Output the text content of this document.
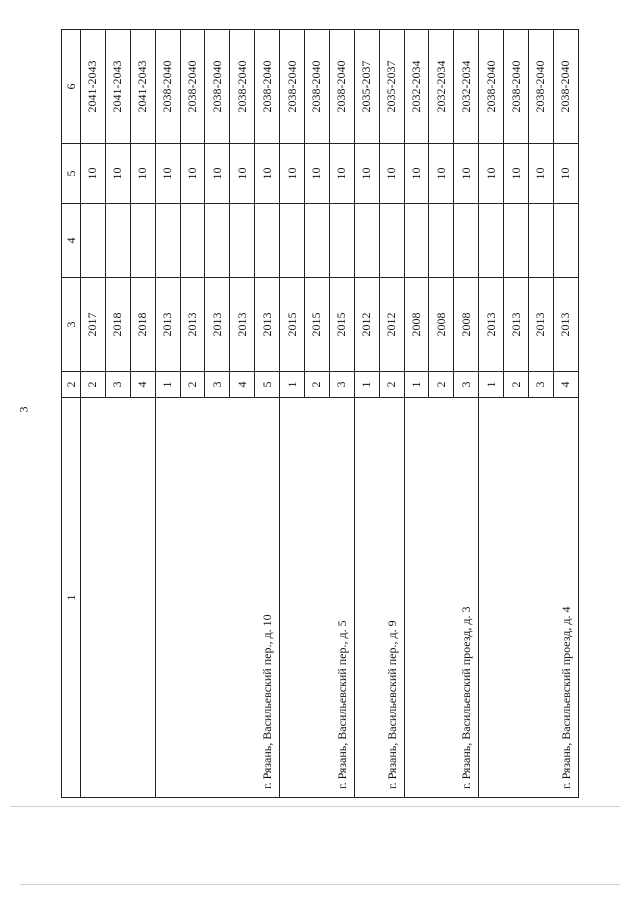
3
1	2	3	4	5	6
	2	2017		10	2041-2043
	3	2018		10	2041-2043
	4	2018		10	2041-2043
г. Рязань, Васильевский пер., д. 10	1	2013		10	2038-2040
	2	2013		10	2038-2040
	3	2013		10	2038-2040
	4	2013		10	2038-2040
	5	2013		10	2038-2040
г. Рязань, Васильевский пер., д. 5	1	2015		10	2038-2040
	2	2015		10	2038-2040
	3	2015		10	2038-2040
г. Рязань, Васильевский пер., д. 9	1	2012		10	2035-2037
	2	2012		10	2035-2037
г. Рязань, Васильевский проезд, д. 3	1	2008		10	2032-2034
	2	2008		10	2032-2034
	3	2008		10	2032-2034
г. Рязань, Васильевский проезд, д. 4	1	2013		10	2038-2040
	2	2013		10	2038-2040
	3	2013		10	2038-2040
	4	2013		10	2038-2040
